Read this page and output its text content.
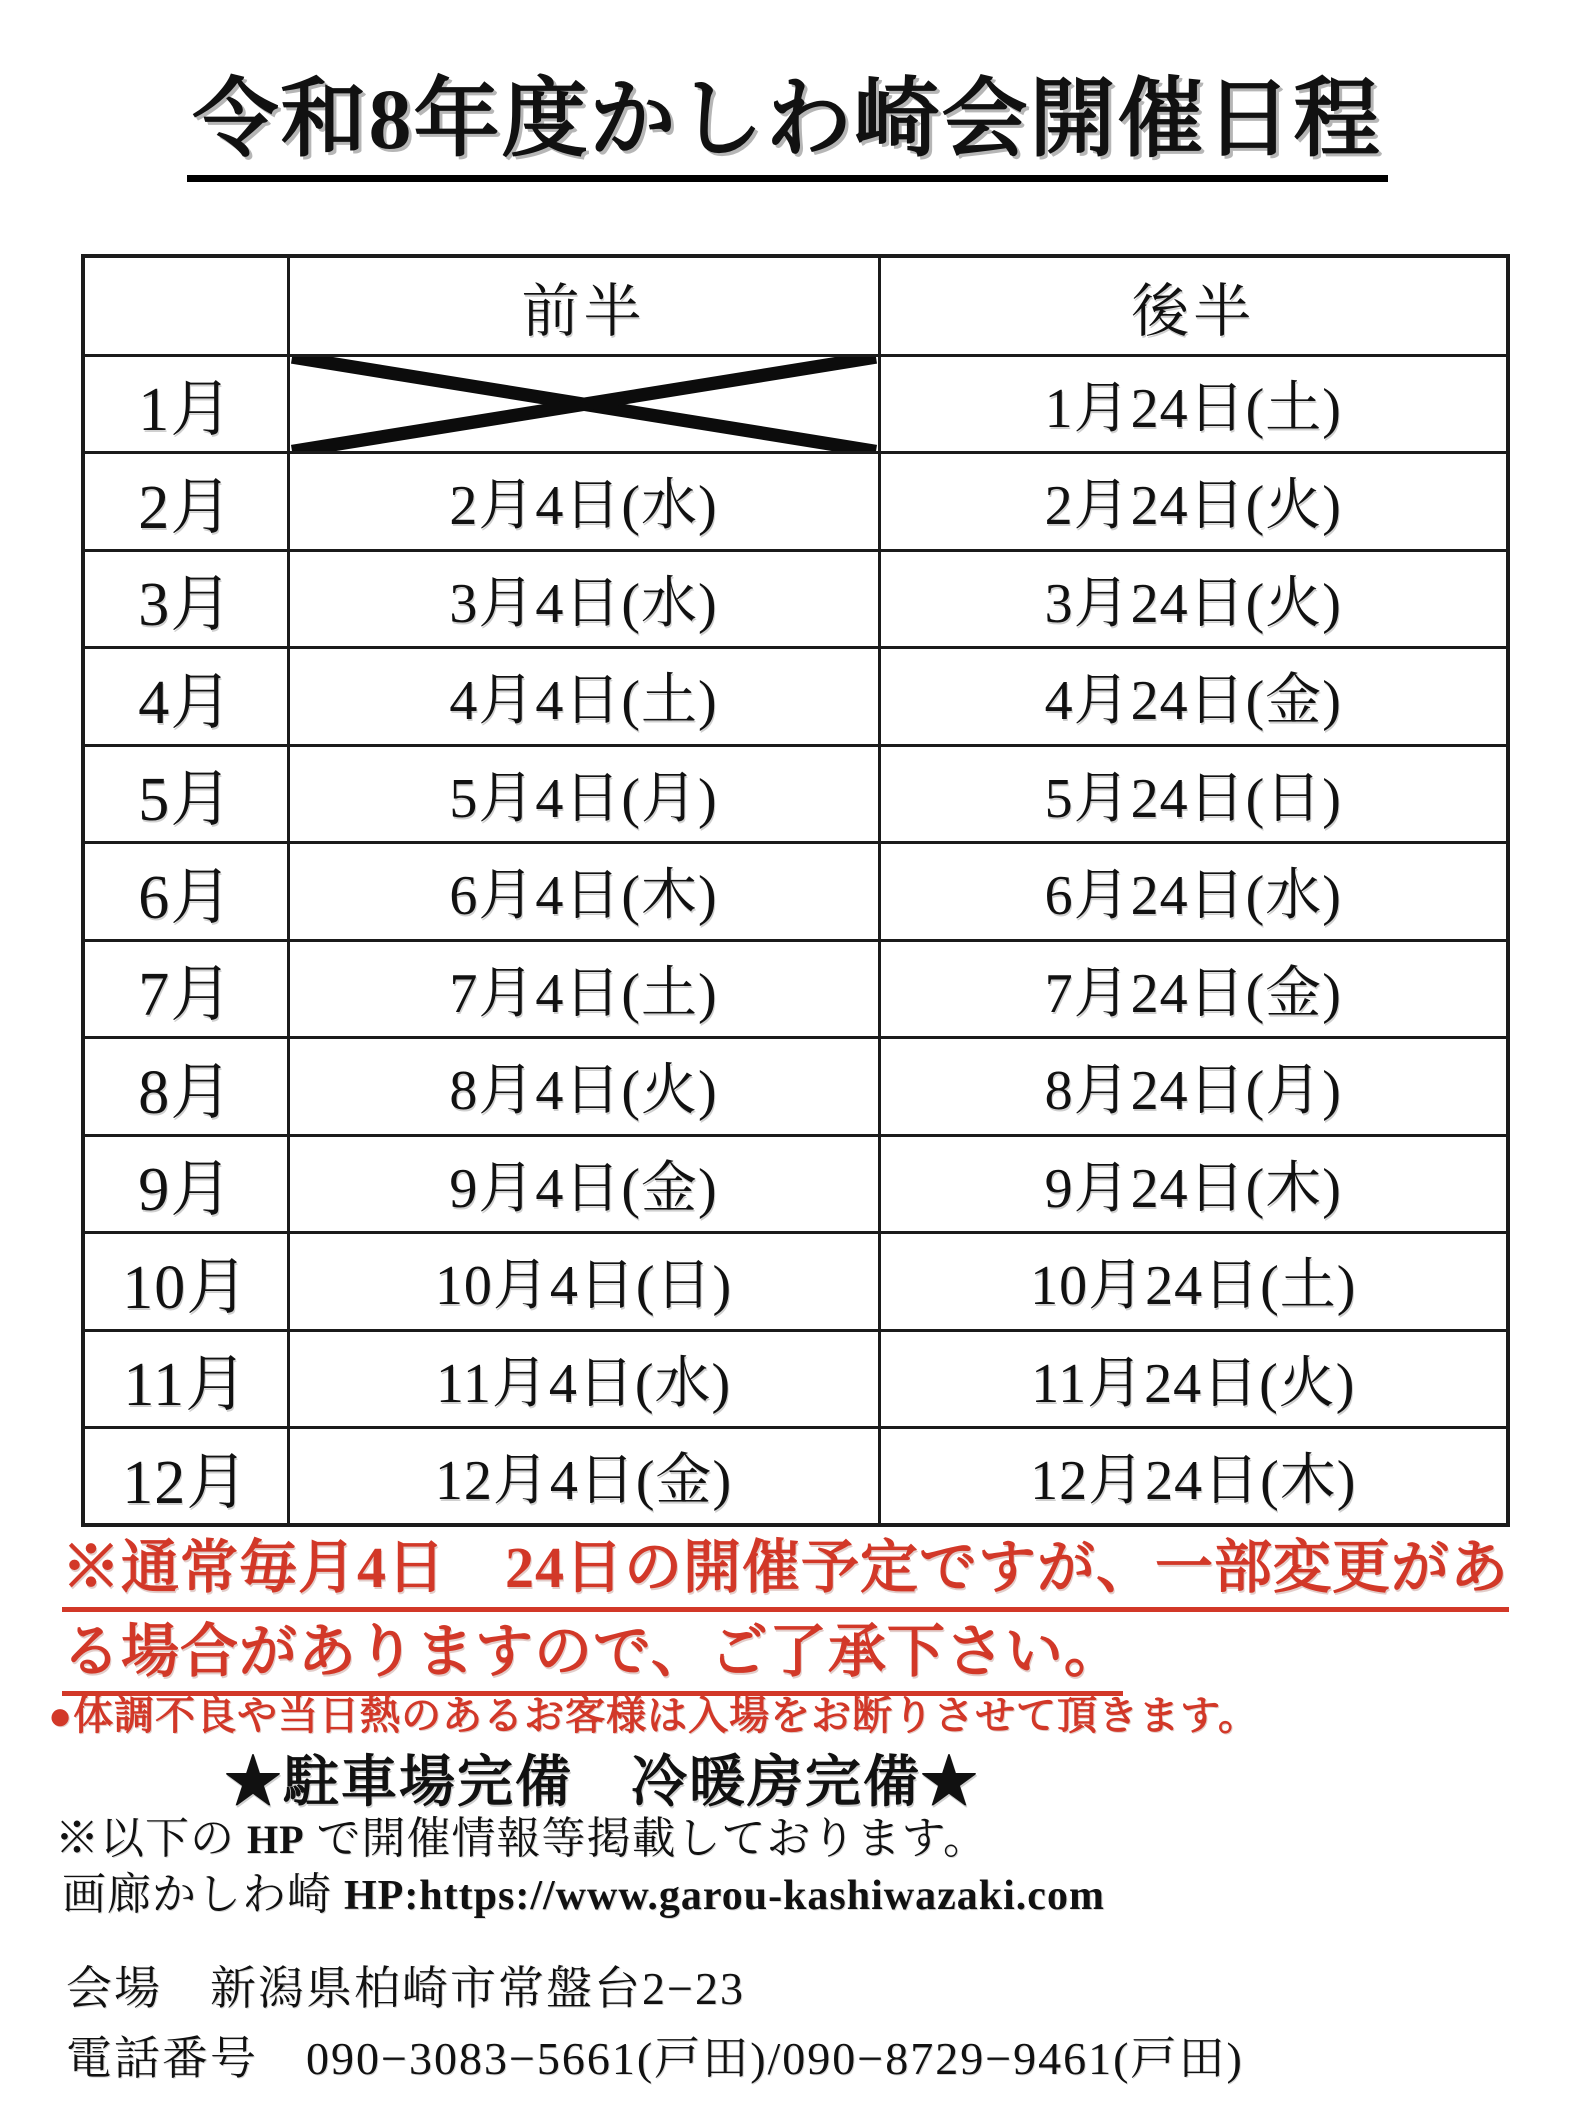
令和8年度かしわ崎会開催日程
	前半	後半
1月		1月24日(土)
2月	2月4日(水)	2月24日(火)
3月	3月4日(水)	3月24日(火)
4月	4月4日(土)	4月24日(金)
5月	5月4日(月)	5月24日(日)
6月	6月4日(木)	6月24日(水)
7月	7月4日(土)	7月24日(金)
8月	8月4日(火)	8月24日(月)
9月	9月4日(金)	9月24日(木)
10月	10月4日(日)	10月24日(土)
11月	11月4日(水)	11月24日(火)
12月	12月4日(金)	12月24日(木)
※通常毎月4日　24日の開催予定ですが、一部変更があ
る場合がありますので、ご了承下さい。
●体調不良や当日熱のあるお客様は入場をお断りさせて頂きます。
★駐車場完備　冷暖房完備★
※以下の HP で開催情報等掲載しております。
画廊かしわ崎 HP:https://www.garou-kashiwazaki.com
会場　新潟県柏崎市常盤台2−23
電話番号　090−3083−5661(戸田)/090−8729−9461(戸田)
